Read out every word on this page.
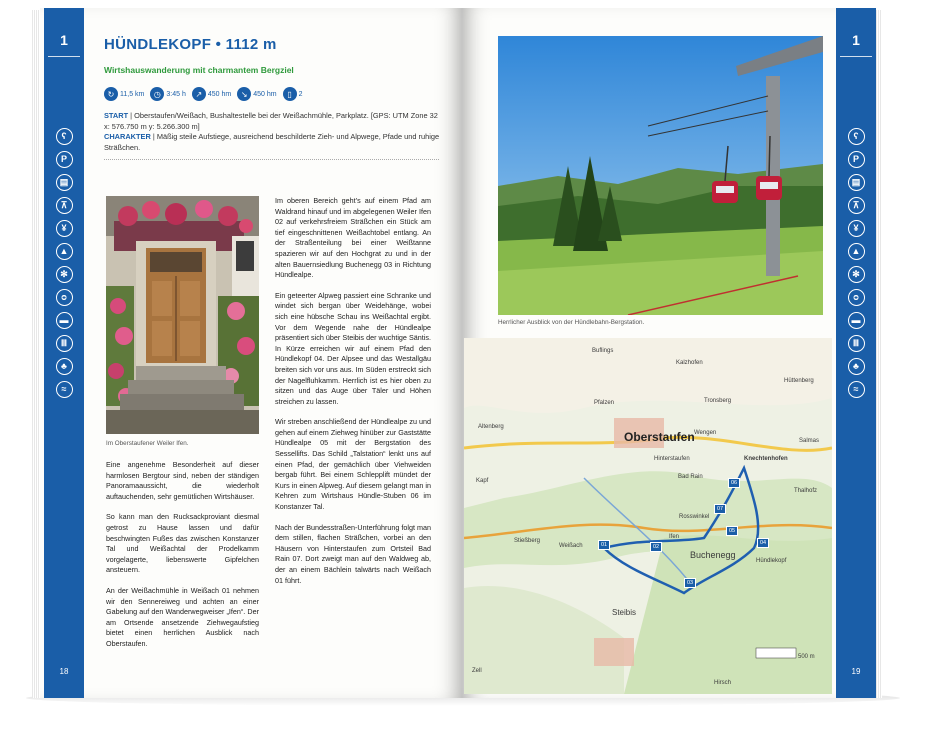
1
ʕ
P
▤
⊼
¥
▲
✻
ᴑ
▬
Ⅲ
♣
≈
18
1
ʕ
P
▤
⊼
¥
▲
✻
ᴑ
▬
Ⅲ
♣
≈
19
HÜNDLEKOPF • 1112 m
Wirtshauswanderung mit charmantem Bergziel
↻ 11,5 km	◷ 3:45 h	↗ 450 hm	↘ 450 hm	▯ 2
START | Oberstaufen/Weißach, Bushaltestelle bei der Weißachmühle, Parkplatz. [GPS: UTM Zone 32 x: 576.750 m y: 5.266.300 m]
CHARAKTER | Mäßig steile Aufstiege, ausreichend beschilderte Zieh- und Alpwege, Pfade und ruhige Sträßchen.
Im Oberstaufener Weiler Ifen.

Eine angenehme Besonderheit auf dieser harmlosen Bergtour sind, neben der ständigen Panoramaaussicht, die wiederholt auftauchenden, sehr gemütlichen Wirtshäuser.

So kann man den Rucksackproviant diesmal getrost zu Hause lassen und dafür beschwingten Fußes das zwischen Konstanzer Tal und Weißachtal der Prodelkamm vorgelagerte, liebenswerte Gipfelchen ansteuern.

An der Weißachmühle in Weißach 01 nehmen wir den Sennereiweg und achten an einer Gabelung auf den Wanderwegweiser „Ifen“. Der am Ortsende ansetzende Ziehwegaufstieg bietet einen herrlichen Ausblick nach Oberstaufen.

Im oberen Bereich geht’s auf einem Pfad am Waldrand hinauf und im abgelegenen Weiler Ifen 02 auf verkehrsfreiem Sträßchen ein Stück am tief eingeschnittenen Weißachtobel entlang. An der Straßenteilung bei einer Weißtanne spazieren wir auf den Hochgrat zu und in der alten Bauernsiedlung Buchenegg 03 in Richtung Hündlealpe.

Ein geteerter Alpweg passiert eine Schranke und windet sich bergan über Weidehänge, wobei sich eine hübsche Schau ins Weißachtal ergibt. Vor dem Wegende nahe der Hündlealpe präsentiert sich über Steibis der wuchtige Säntis. In Kürze erreichen wir auf einem Pfad den Hündlekopf 04. Der Alpsee und das Westallgäu breiten sich vor uns aus. Im Süden erstreckt sich der Nagelfluhkamm. Herrlich ist es hier oben zu sitzen und das Auge über Täler und Höhen streichen zu lassen.

Wir streben anschließend der Hündlealpe zu und gehen auf einem Ziehweg hinüber zur Gaststätte Hündlealpe 05 mit der Bergstation des Sessellifts. Das Schild „Talstation“ lenkt uns auf einen Pfad, der gemächlich über Viehweiden bergab führt. Bei einem Schlepplift mündet der Kurs in einen Alpweg. Auf diesem gelangt man in Kehren zum Wirtshaus Hündle-Stuben 06 im Konstanzer Tal.

Nach der Bundesstraßen-Unterführung folgt man dem stillen, flachen Sträßchen, vorbei an den Häusern von Hinterstaufen zum Ortsteil Bad Rain 07. Dort zweigt man auf den Waldweg ab, der an einem Bächlein talwärts nach Weißach 01 führt.

Herrlicher Ausblick von der Hündlebahn-Bergstation.
Oberstaufen
Buflings
Kalzhofen
Tronsberg
Wengen
Knechtenhofen
Salmas
Hüttenberg
Thalhofz
Pfalzen
Stießberg
Hinterstaufen
Rosswinkel
Buchenegg
Hündlekopf
Steibis
Bad Rain
Ifen
Weißach
Kapf
Zell
Hirsch
Altenberg
01	02
03
04
05
06
07
500 m
